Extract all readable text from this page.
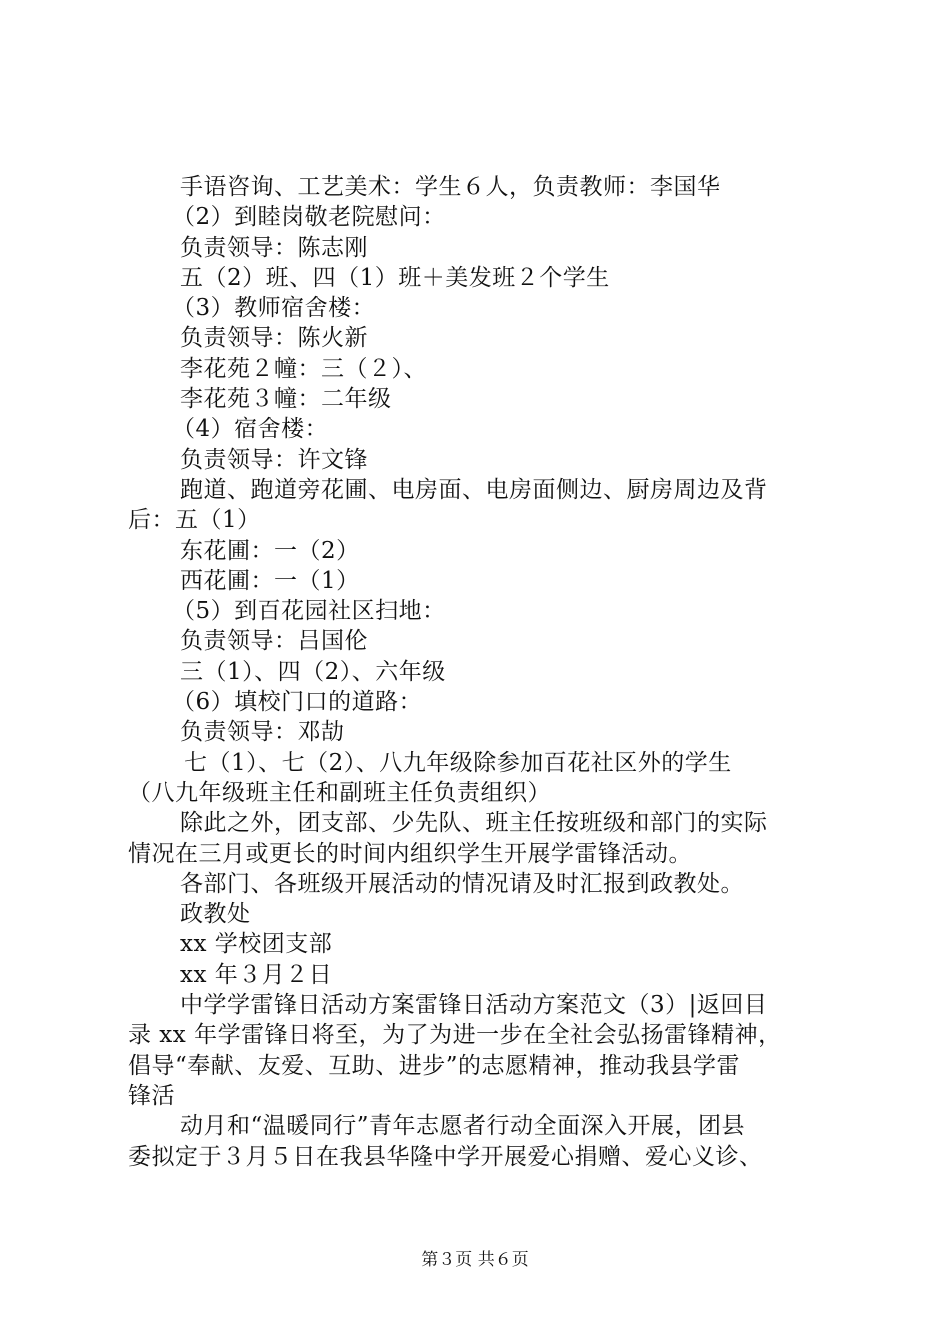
手语咨询、工艺美术：学生６人，负责教师：李国华
（2）到睦岗敬老院慰问：
负责领导：陈志刚
五（2）班、四（1）班＋美发班２个学生
（3）教师宿舍楼：
负责领导：陈火新
李花苑２幢：三（２）、
李花苑３幢：二年级
（4）宿舍楼：
负责领导：许文锋
跑道、跑道旁花圃、电房面、电房面侧边、厨房周边及背
后：五（1）
东花圃：一（2）
西花圃：一（1）
（5）到百花园社区扫地：
负责领导：吕国伦
三（1）、四（2）、六年级
（6）填校门口的道路：
负责领导：邓劼
七（1）、七（2）、八九年级除参加百花社区外的学生
（八九年级班主任和副班主任负责组织）
除此之外，团支部、少先队、班主任按班级和部门的实际
情况在三月或更长的时间内组织学生开展学雷锋活动。
各部门、各班级开展活动的情况请及时汇报到政教处。
政教处
xx 学校团支部
xx 年３月２日
中学学雷锋日活动方案雷锋日活动方案范文（3）|返回目
录 xx 年学雷锋日将至，为了为进一步在全社会弘扬雷锋精神，
倡导“奉献、友爱、互助、进步”的志愿精神，推动我县学雷
锋活
动月和“温暖同行”青年志愿者行动全面深入开展，团县
委拟定于３月５日在我县华隆中学开展爱心捐赠、爱心义诊、
第３页 共６页
